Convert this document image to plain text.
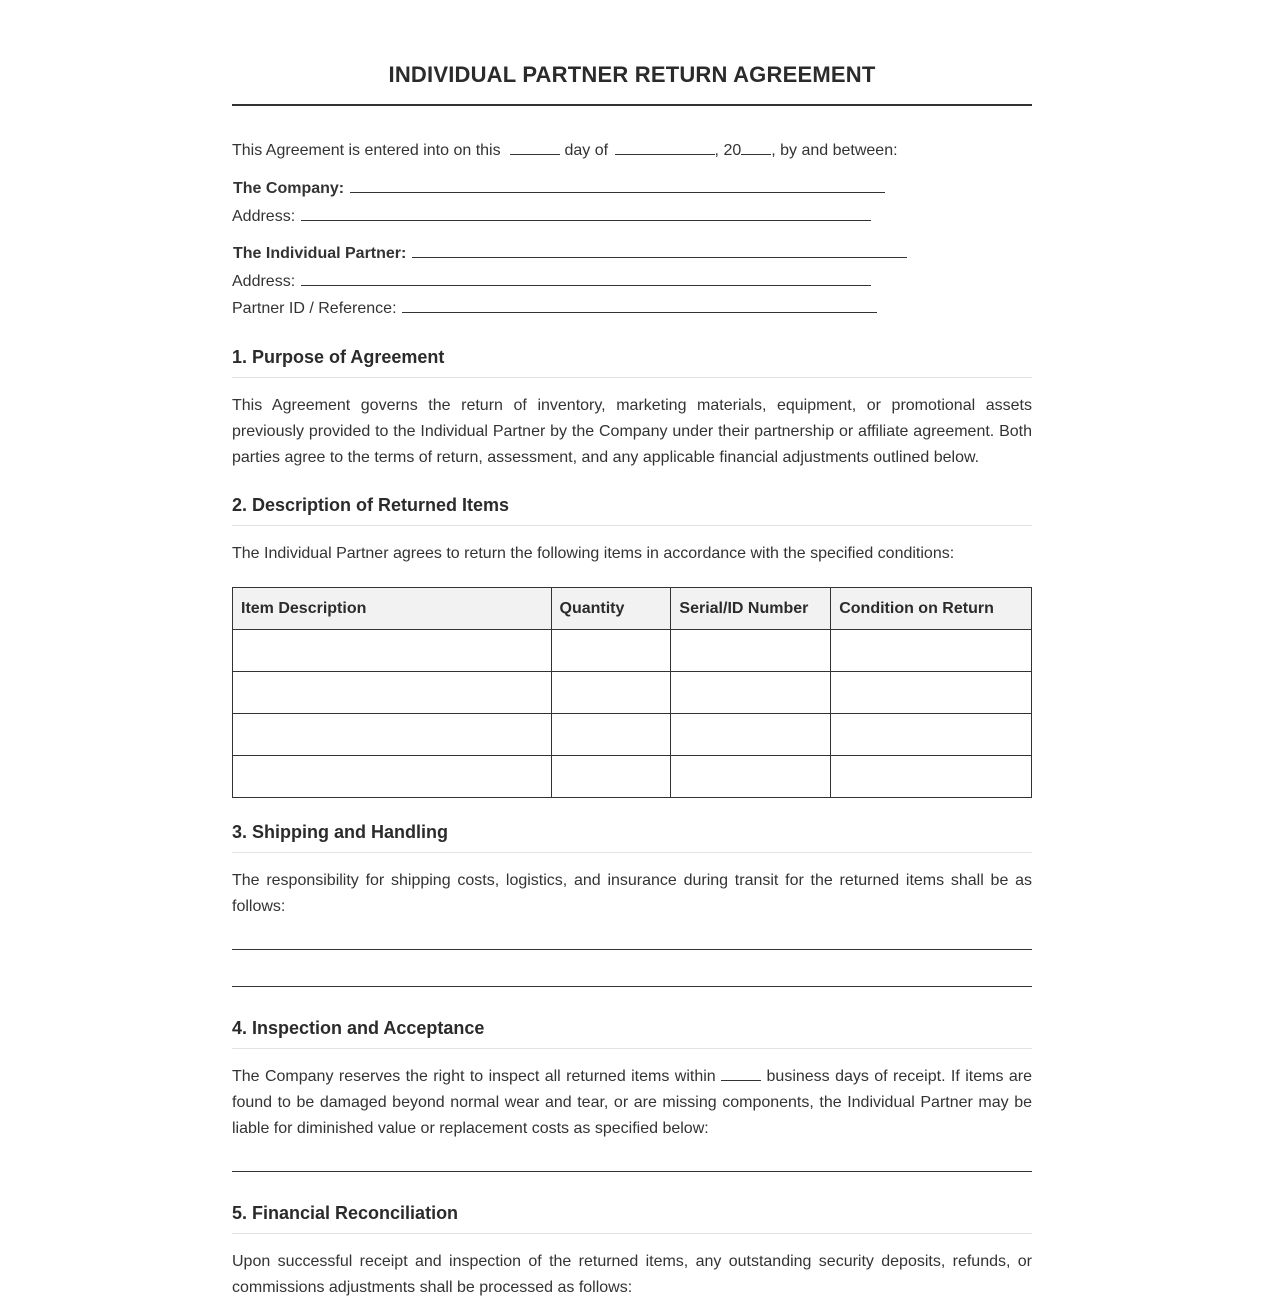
INDIVIDUAL PARTNER RETURN AGREEMENT
This Agreement is entered into on this	day of	, 20 , by and between:
The Company:
Address:
The Individual Partner:
Address:
Partner ID / Reference:
1. Purpose of Agreement

This Agreement governs the return of inventory, marketing materials, equipment, or promotional assets previously provided to the Individual Partner by the Company under their partnership or affiliate agreement. Both parties agree to the terms of return, assessment, and any applicable financial adjustments outlined below.

2. Description of Returned Items

The Individual Partner agrees to return the following items in accordance with the specified conditions:

Item Description	Quantity	Serial/ID Number	Condition on Return

3. Shipping and Handling

The responsibility for shipping costs, logistics, and insurance during transit for the returned items shall be as follows:

4. Inspection and Acceptance

The Company reserves the right to inspect all returned items within	business days of receipt. If items are found to be damaged beyond normal wear and tear, or are missing components, the Individual Partner may be liable for diminished value or replacement costs as specified below:

5. Financial Reconciliation

Upon successful receipt and inspection of the returned items, any outstanding security deposits, refunds, or commissions adjustments shall be processed as follows:
